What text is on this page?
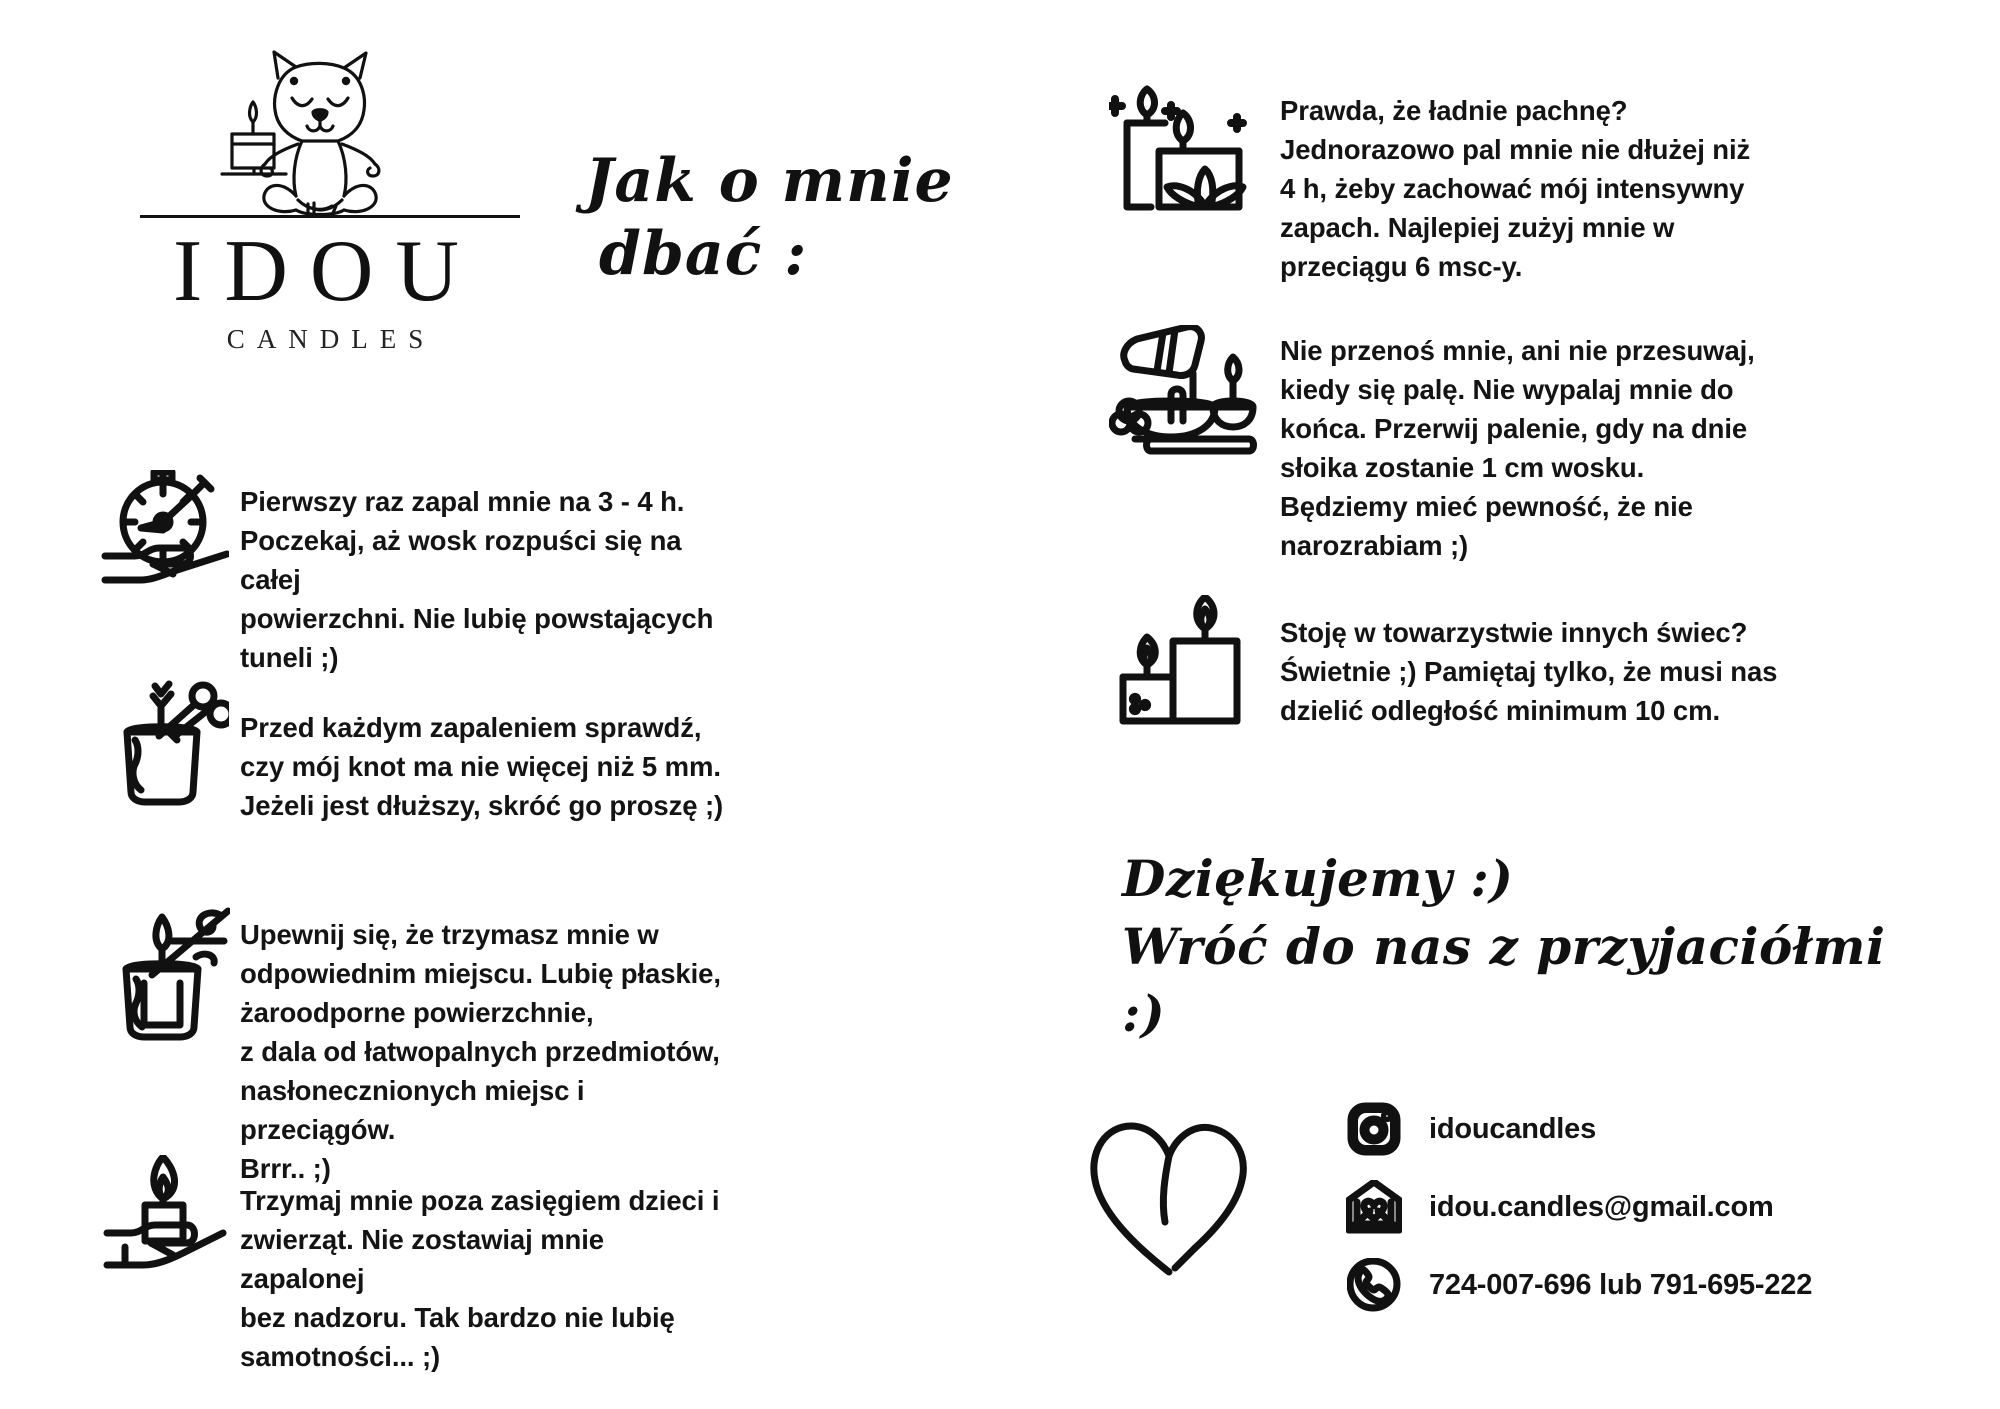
IDOU
CANDLES
Jak o mnie
dbać :

Pierwszy raz zapal mnie na 3 - 4 h.

Poczekaj, aż wosk rozpuści się na całej

powierzchni. Nie lubię powstających

tuneli ;)

Przed każdym zapaleniem sprawdź,

czy mój knot ma nie więcej niż 5 mm.

Jeżeli jest dłuższy, skróć go proszę ;)

Upewnij się, że trzymasz mnie w

odpowiednim miejscu. Lubię płaskie,

żaroodporne powierzchnie,

z dala od łatwopalnych przedmiotów,

nasłonecznionych miejsc i przeciągów.

Brrr.. ;)

Trzymaj mnie poza zasięgiem dzieci i

zwierząt. Nie zostawiaj mnie zapalonej

bez nadzoru. Tak bardzo nie lubię

samotności... ;)

Prawda, że ładnie pachnę?

Jednorazowo pal mnie nie dłużej niż

4 h, żeby zachować mój intensywny

zapach. Najlepiej zużyj mnie w

przeciągu 6 msc-y.

Nie przenoś mnie, ani nie przesuwaj,

kiedy się palę. Nie wypalaj mnie do

końca. Przerwij palenie, gdy na dnie

słoika zostanie 1 cm wosku.

Będziemy mieć pewność, że nie

narozrabiam ;)

Stoję w towarzystwie innych świec?

Świetnie ;) Pamiętaj tylko, że musi nas

dzielić odległość minimum 10 cm.

Dziękujemy :)
Wróć do nas z przyjaciółmi :)
idoucandles
idou.candles@gmail.com
724-007-696 lub 791-695-222
